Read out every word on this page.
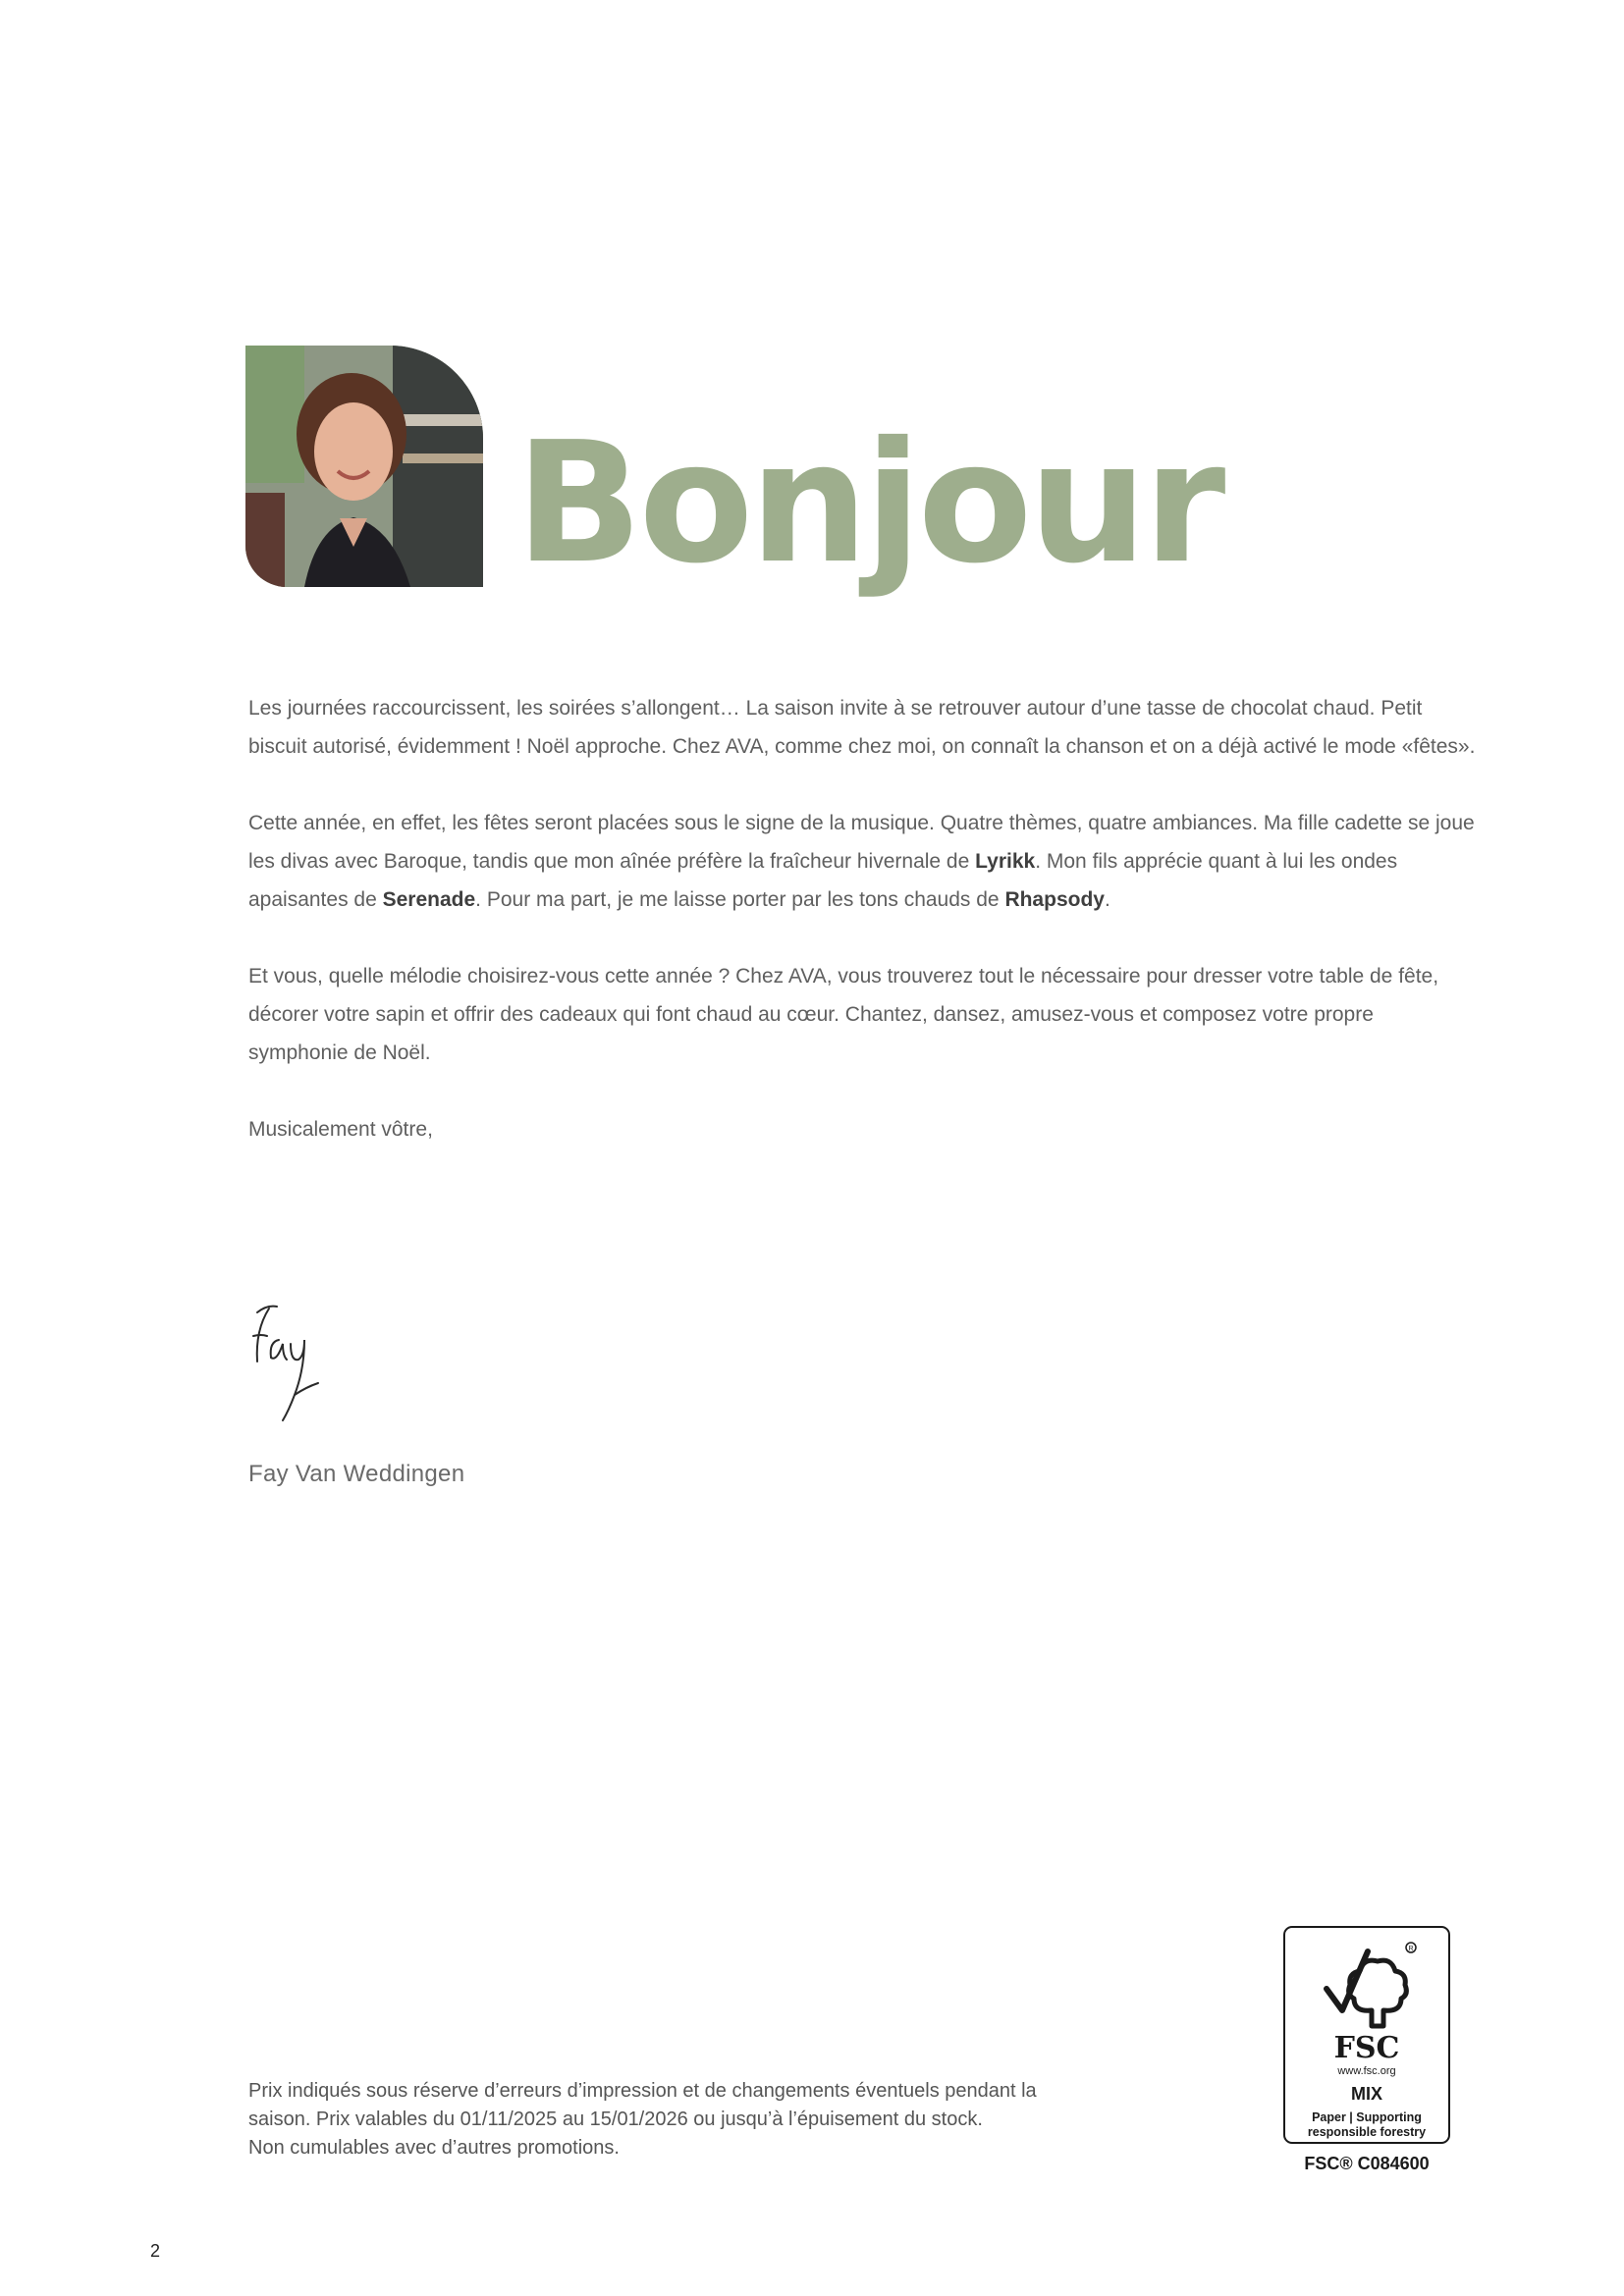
Bonjour

Les journées raccourcissent, les soirées s’allongent… La saison invite à se retrouver autour d’une tasse de chocolat chaud. Petit biscuit autorisé, évidemment ! Noël approche. Chez AVA, comme chez moi, on connaît la chanson et on a déjà activé le mode «fêtes».

Cette année, en effet, les fêtes seront placées sous le signe de la musique. Quatre thèmes, quatre ambiances. Ma fille cadette se joue les divas avec Baroque, tandis que mon aînée préfère la fraîcheur hivernale de Lyrikk. Mon fils apprécie quant à lui les ondes apaisantes de Serenade. Pour ma part, je me laisse porter par les tons chauds de Rhapsody.

Et vous, quelle mélodie choisirez-vous cette année ? Chez AVA, vous trouverez tout le nécessaire pour dresser votre table de fête, décorer votre sapin et offrir des cadeaux qui font chaud au cœur. Chantez, dansez, amusez-vous et composez votre propre symphonie de Noël.

Musicalement vôtre,

Fay Van Weddingen
Prix indiqués sous réserve d’erreurs d’impression et de changements éventuels pendant la
saison. Prix valables du 01/11/2025 au 15/01/2026 ou jusqu’à l’épuisement du stock.
Non cumulables avec d’autres promotions.
R
FSC
www.fsc.org
MIX
Paper | Supporting
responsible forestry
FSC® C084600
2
